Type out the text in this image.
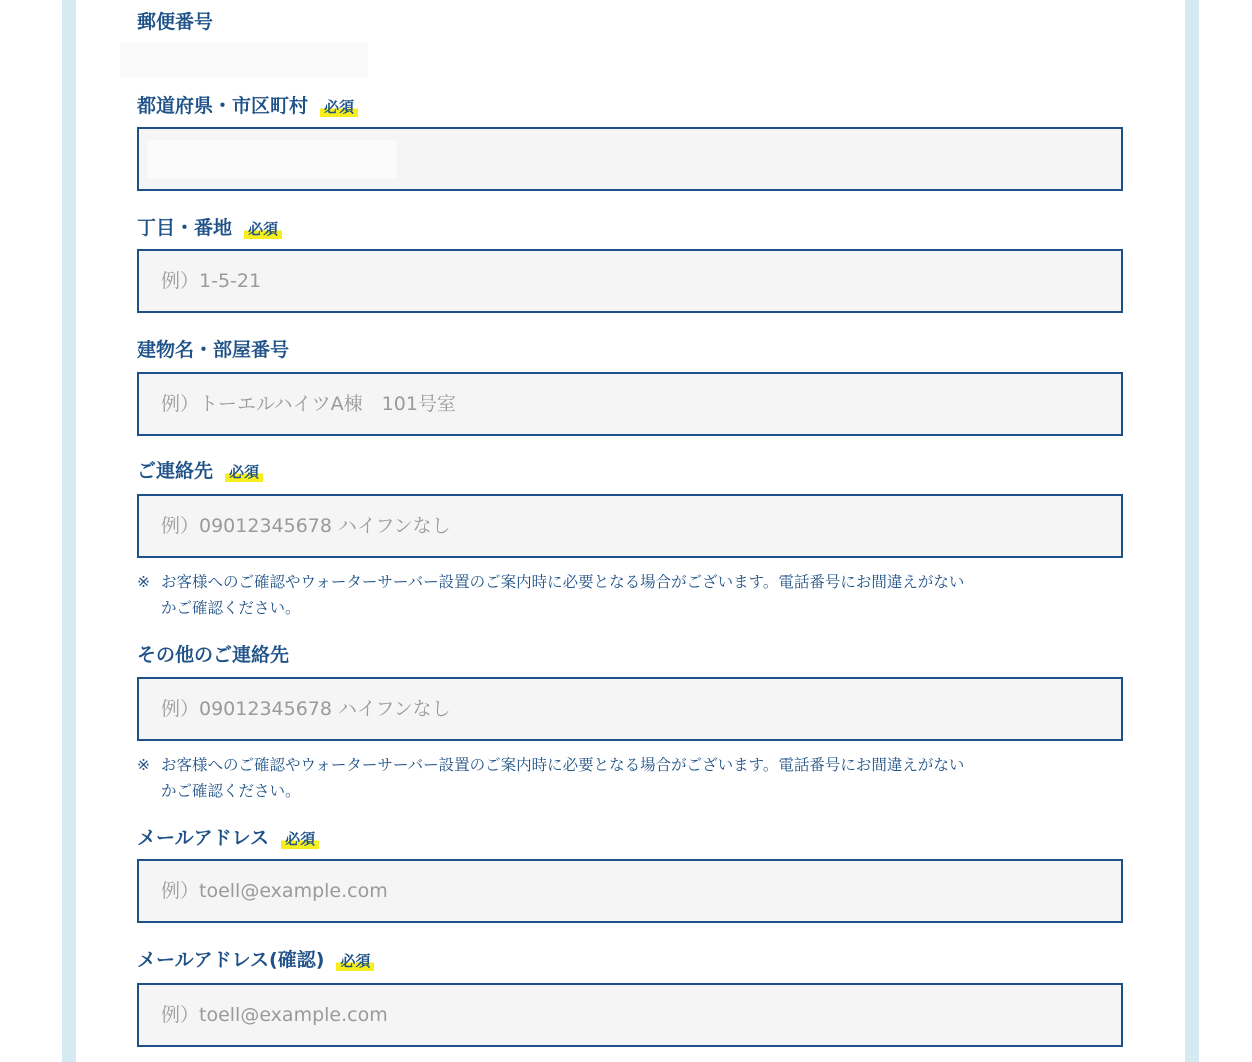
郵便番号
都道府県・市区町村 必須
丁目・番地 必須
例）1-5-21
建物名・部屋番号
例）トーエルハイツA棟　101号室
ご連絡先 必須
例）09012345678 ハイフンなし
※ お客様へのご確認やウォーターサーバー設置のご案内時に必要となる場合がございます。電話番号にお間違えがない
かご確認ください。
その他のご連絡先
例）09012345678 ハイフンなし
※ お客様へのご確認やウォーターサーバー設置のご案内時に必要となる場合がございます。電話番号にお間違えがない
かご確認ください。
メールアドレス 必須
例）toell@example.com
メールアドレス(確認) 必須
例）toell@example.com
